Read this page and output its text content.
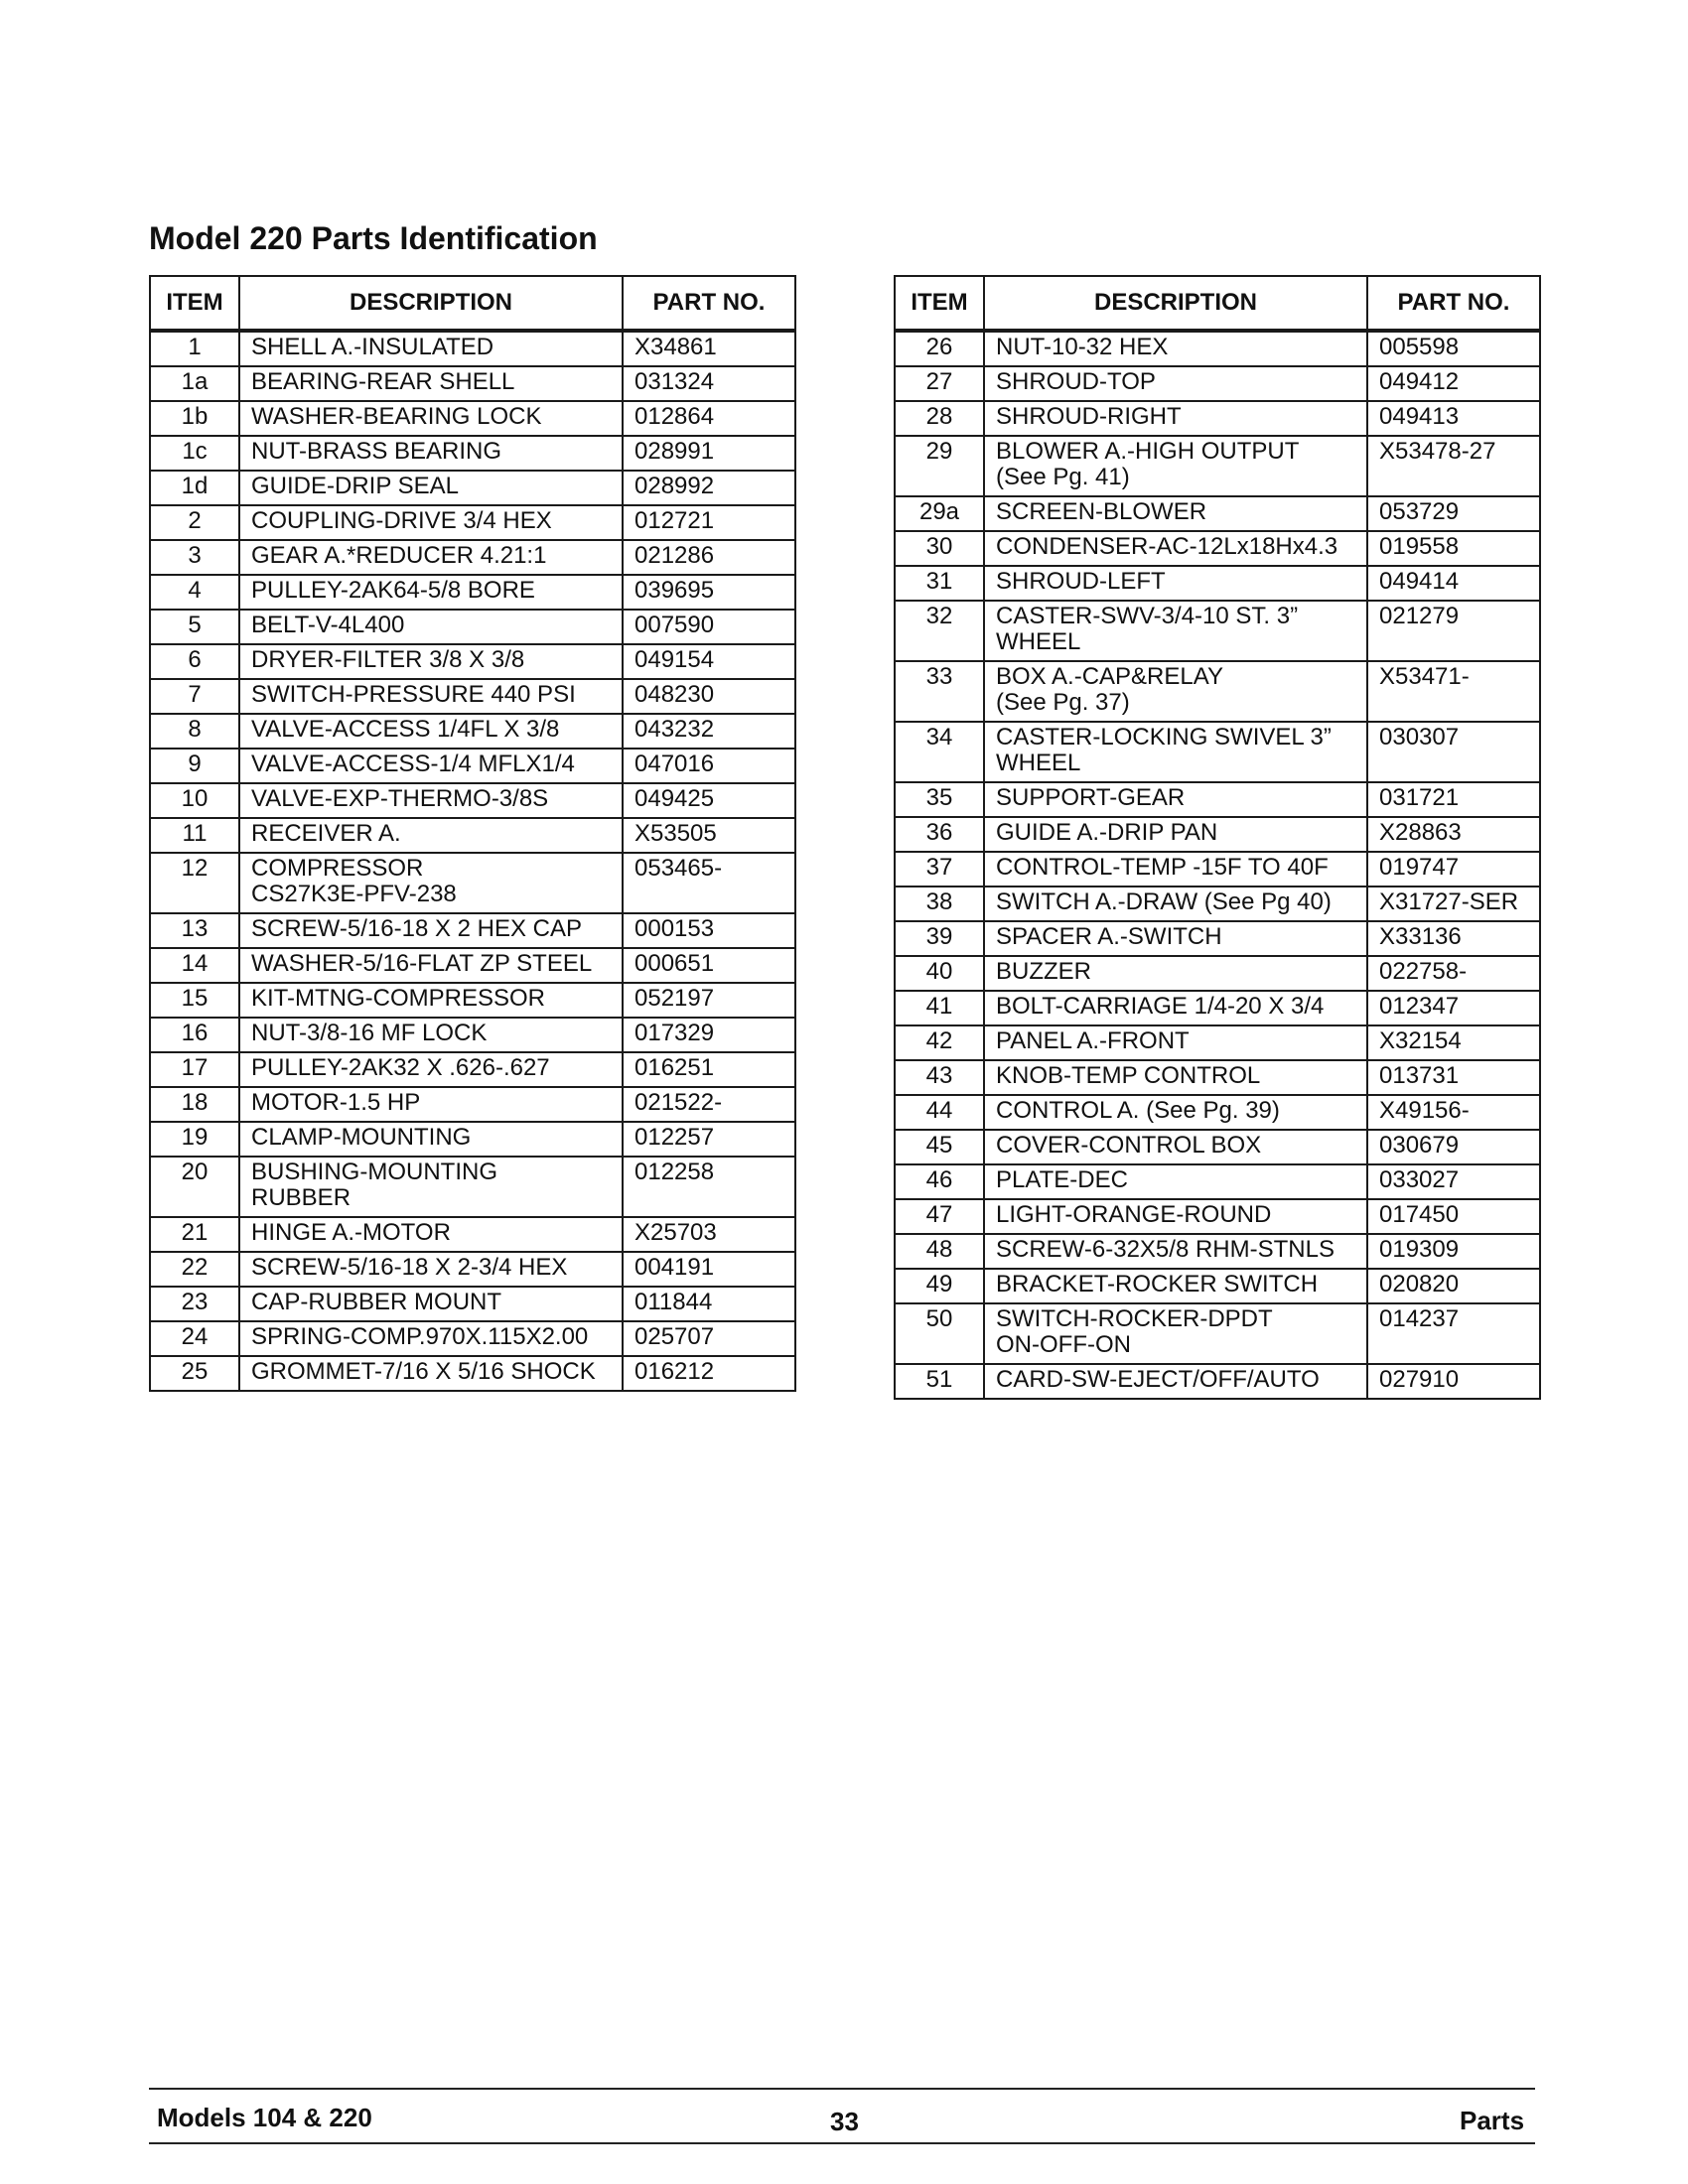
Model 220 Parts Identification
ITEM	DESCRIPTION	PART NO.
1	SHELL A.-INSULATED	X34861
1a	BEARING-REAR SHELL	031324
1b	WASHER-BEARING LOCK	012864
1c	NUT-BRASS BEARING	028991
1d	GUIDE-DRIP SEAL	028992
2	COUPLING-DRIVE 3/4 HEX	012721
3	GEAR A.*REDUCER 4.21:1	021286
4	PULLEY-2AK64-5/8 BORE	039695
5	BELT-V-4L400	007590
6	DRYER-FILTER 3/8 X 3/8	049154
7	SWITCH-PRESSURE 440 PSI	048230
8	VALVE-ACCESS 1/4FL X 3/8	043232
9	VALVE-ACCESS-1/4 MFLX1/4	047016
10	VALVE-EXP-THERMO-3/8S	049425
11	RECEIVER A.	X53505
12	COMPRESSOR
CS27K3E-PFV-238	053465-
13	SCREW-5/16-18 X 2 HEX CAP	000153
14	WASHER-5/16-FLAT ZP STEEL	000651
15	KIT-MTNG-COMPRESSOR	052197
16	NUT-3/8-16 MF LOCK	017329
17	PULLEY-2AK32 X .626-.627	016251
18	MOTOR-1.5 HP	021522-
19	CLAMP-MOUNTING	012257
20	BUSHING-MOUNTING
RUBBER	012258
21	HINGE A.-MOTOR	X25703
22	SCREW-5/16-18 X 2-3/4 HEX	004191
23	CAP-RUBBER MOUNT	011844
24	SPRING-COMP.970X.115X2.00	025707
25	GROMMET-7/16 X 5/16 SHOCK	016212
ITEM	DESCRIPTION	PART NO.
26	NUT-10-32 HEX	005598
27	SHROUD-TOP	049412
28	SHROUD-RIGHT	049413
29	BLOWER A.-HIGH OUTPUT
(See Pg. 41)	X53478-27
29a	SCREEN-BLOWER	053729
30	CONDENSER-AC-12Lx18Hx4.3	019558
31	SHROUD-LEFT	049414
32	CASTER-SWV-3/4-10 ST. 3”
WHEEL	021279
33	BOX A.-CAP&RELAY
(See Pg. 37)	X53471-
34	CASTER-LOCKING SWIVEL 3”
WHEEL	030307
35	SUPPORT-GEAR	031721
36	GUIDE A.-DRIP PAN	X28863
37	CONTROL-TEMP -15F TO 40F	019747
38	SWITCH A.-DRAW (See Pg 40)	X31727-SER
39	SPACER A.-SWITCH	X33136
40	BUZZER	022758-
41	BOLT-CARRIAGE 1/4-20 X 3/4	012347
42	PANEL A.-FRONT	X32154
43	KNOB-TEMP CONTROL	013731
44	CONTROL A. (See Pg. 39)	X49156-
45	COVER-CONTROL BOX	030679
46	PLATE-DEC	033027
47	LIGHT-ORANGE-ROUND	017450
48	SCREW-6-32X5/8 RHM-STNLS	019309
49	BRACKET-ROCKER SWITCH	020820
50	SWITCH-ROCKER-DPDT
ON-OFF-ON	014237
51	CARD-SW-EJECT/OFF/AUTO	027910
Models 104 & 220	33	Parts
